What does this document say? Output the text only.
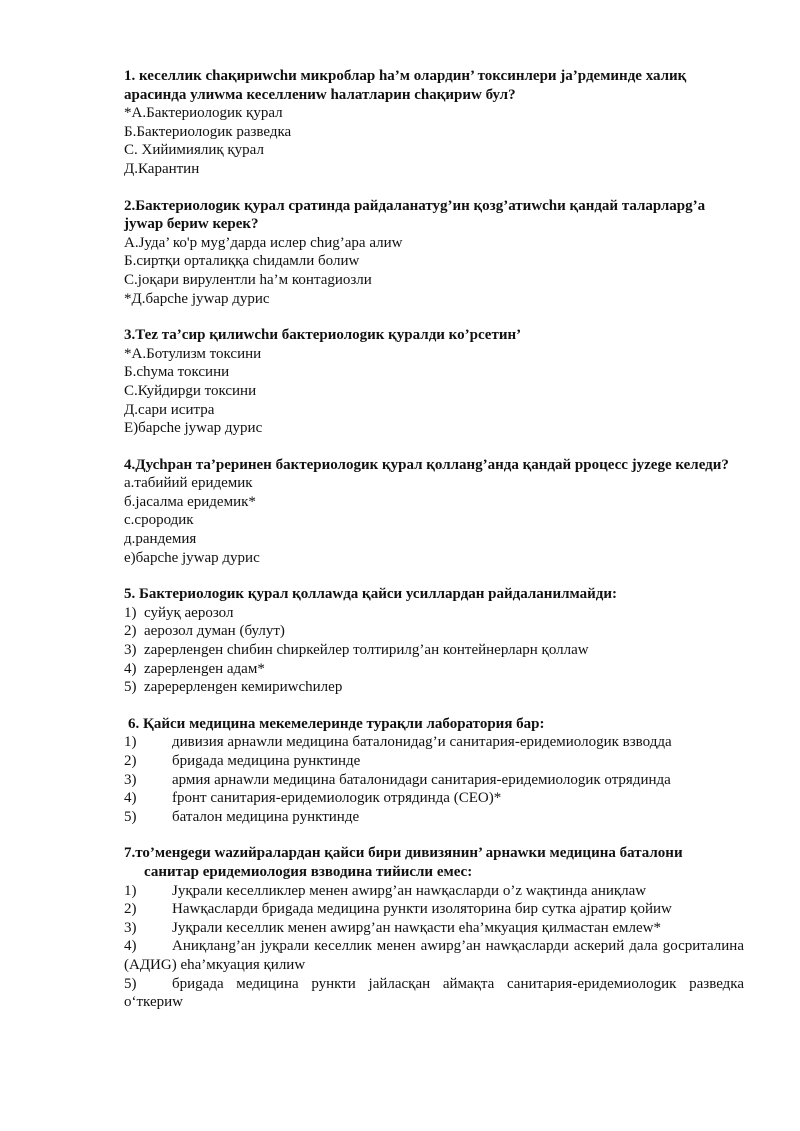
1. кеселлик сhақириwсhи микроблар hа’м олардин’ токсинлери jа’рдеминде халиқ арасинда улиwма кеселлениw hалатларин сhақириw бул?

*А.Бактериолоgик қурал

Б.Бактериолоgик разведка

С. Хийимиялиқ қурал

Д.Карантин

2.Бактериолоgик қурал сратинда райдаланатуg’ин қозg’атиwсhи қандай таларларg’а jуwар бериw керек?

А.Jуда’ ко'р муg’дарда ислер сhиg’ара алиw

Б.сиртқи орталиққа сhидамли болиw

С.jоқари вирулентли hа’м контаgиозли

*Д.барсhе jуwар дурис

3.Теz та’сир қилиwсhи бактериолоgик қуралди ко’рсетин’

*А.Ботулизм токсини

Б.сhума токсини

С.Куйдирgи токсини

Д.сари иситра

Е)барсhе jуwар дурис

4.Дусhран та’реринен бактериолоgик қурал қолланg’анда қандай рроцесс jуzеgе келеди?

а.табийий еридемик

б.jасалма еридемик*

с.срородик

д.рандемия

е)барсhе jуwар дурис

5. Бактериолоgик қурал қоллаwда қайси усиллардан райдаланилмайди:

1) суйуқ аерозол
2) аерозол думан (булут)
3) zарерленgен сhибин сhиркейлер толтирилg’ан контейнерларн қоллаw
4) zарерленgен адам*
5) zаререрленgен кемириwсhилер

6. Қайси медицина мекемелеринде турақли лаборатория бар:

1)	дивизия арнаwли медицина баталонидаg’и санитария-еридемиолоgик взводда
2)	бриgада медицина рунктинде
3)	армия арнаwли медицина баталонидаgи санитария-еридемиолоgик отрядинда
4)	fронт санитария-еридемиолоgик отрядинда (СЕО)*
5)	баталон медицина рунктинде

7.то’менgеgи wаzийралардан қайси бири дивизянин’ арнаwки медицина баталони
санитар еридемиолоgия взводина тийисли емес:

1)	Jуқрали кеселликлер менен аwирg’ан наwқасларди о’z waқтинда аниқлаw
2)	Наwқасларди бриgада медицина рункти изоляторина бир сутка аjратир қойиw
3)	Jуқрали кеселлик менен аwирg’ан наwқасти еhа’мкуация қилмастан емлеw*

4) Аниқланg’ан jуқрали кеселлик менен аwирg’ан наwқасларди аскерий дала gосриталина (АДИG) еhа’мкуация қилиw

5) бриgада медицина рункти jайласқан аймақта санитария-еридемиолоgик разведка о‘ткериw
